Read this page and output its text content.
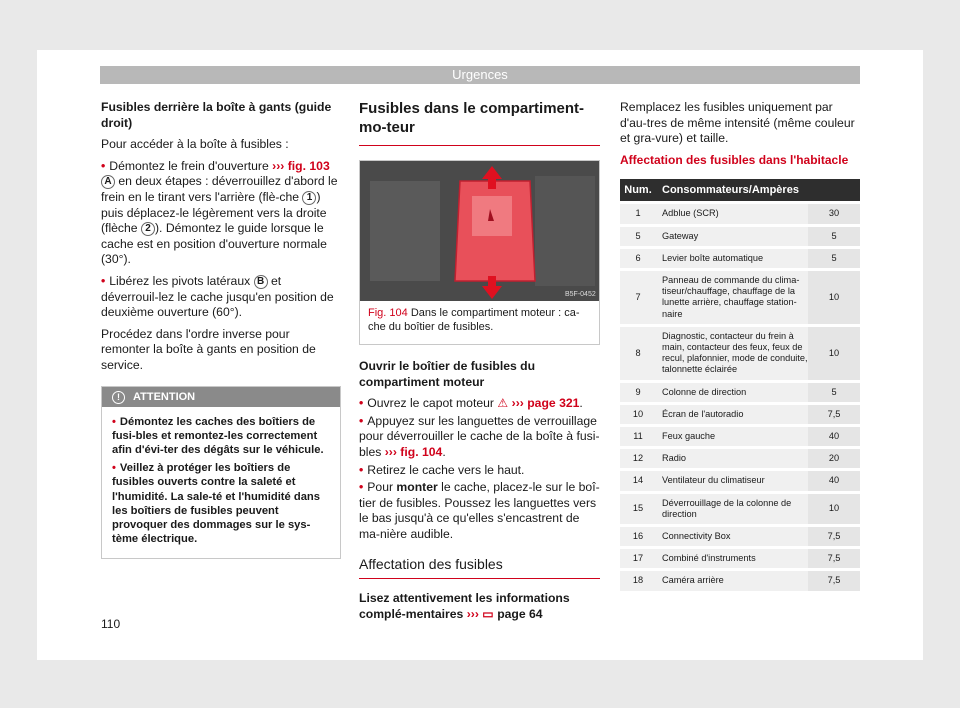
Urgences

Fusibles derrière la boîte à gants (guide droit)

Pour accéder à la boîte à fusibles :

• Démontez le frein d'ouverture ››› fig. 103 A en deux étapes : déverrouillez d'abord le frein en le tirant vers l'arrière (flè-che 1 ) puis déplacez-le légèrement vers la droite (flèche 2 ). Démontez le guide lorsque le cache est en position d'ouverture normale (30°).

• Libérez les pivots latéraux B et déverrouil-lez le cache jusqu'en position de deuxième ouverture (60°).

Procédez dans l'ordre inverse pour remonter la boîte à gants en position de service.

! ATTENTION
• Démontez les caches des boîtiers de fusi-bles et remontez-les correctement afin d'évi-ter des dégâts sur le véhicule.
• Veillez à protéger les boîtiers de fusibles ouverts contre la saleté et l'humidité. La sale-té et l'humidité dans les boîtiers de fusibles peuvent provoquer des dommages sur le sys-tème électrique.
Fusibles dans le compartiment-mo-teur
B5F-0452
Fig. 104 Dans le compartiment moteur : ca-che du boîtier de fusibles.

Ouvrir le boîtier de fusibles du compartiment moteur

• Ouvrez le capot moteur ⚠ ››› page 321.

• Appuyez sur les languettes de verrouillage pour déverrouiller le cache de la boîte à fusi-bles ››› fig. 104.

• Retirez le cache vers le haut.

• Pour monter le cache, placez-le sur le boî-tier de fusibles. Poussez les languettes vers le bas jusqu'à ce qu'elles s'encastrent de ma-nière audible.

Affectation des fusibles

Lisez attentivement les informations complé-mentaires ››› ▭ page 64

Remplacez les fusibles uniquement par d'au-tres de même intensité (même couleur et gra-vure) et taille.

Affectation des fusibles dans l'habitacle

Num.	Consommateurs/Ampères	
1	Adblue (SCR)	30
5	Gateway	5
6	Levier boîte automatique	5
7	Panneau de commande du clima-tiseur/chauffage, chauffage de la lunette arrière, chauffage station-naire	10
8	Diagnostic, contacteur du frein à main, contacteur des feux, feux de recul, plafonnier, mode de conduite, talonnette éclairée	10
9	Colonne de direction	5
10	Écran de l'autoradio	7,5
11	Feux gauche	40
12	Radio	20
14	Ventilateur du climatiseur	40
15	Déverrouillage de la colonne de direction	10
16	Connectivity Box	7,5
17	Combiné d'instruments	7,5
18	Caméra arrière	7,5
110
